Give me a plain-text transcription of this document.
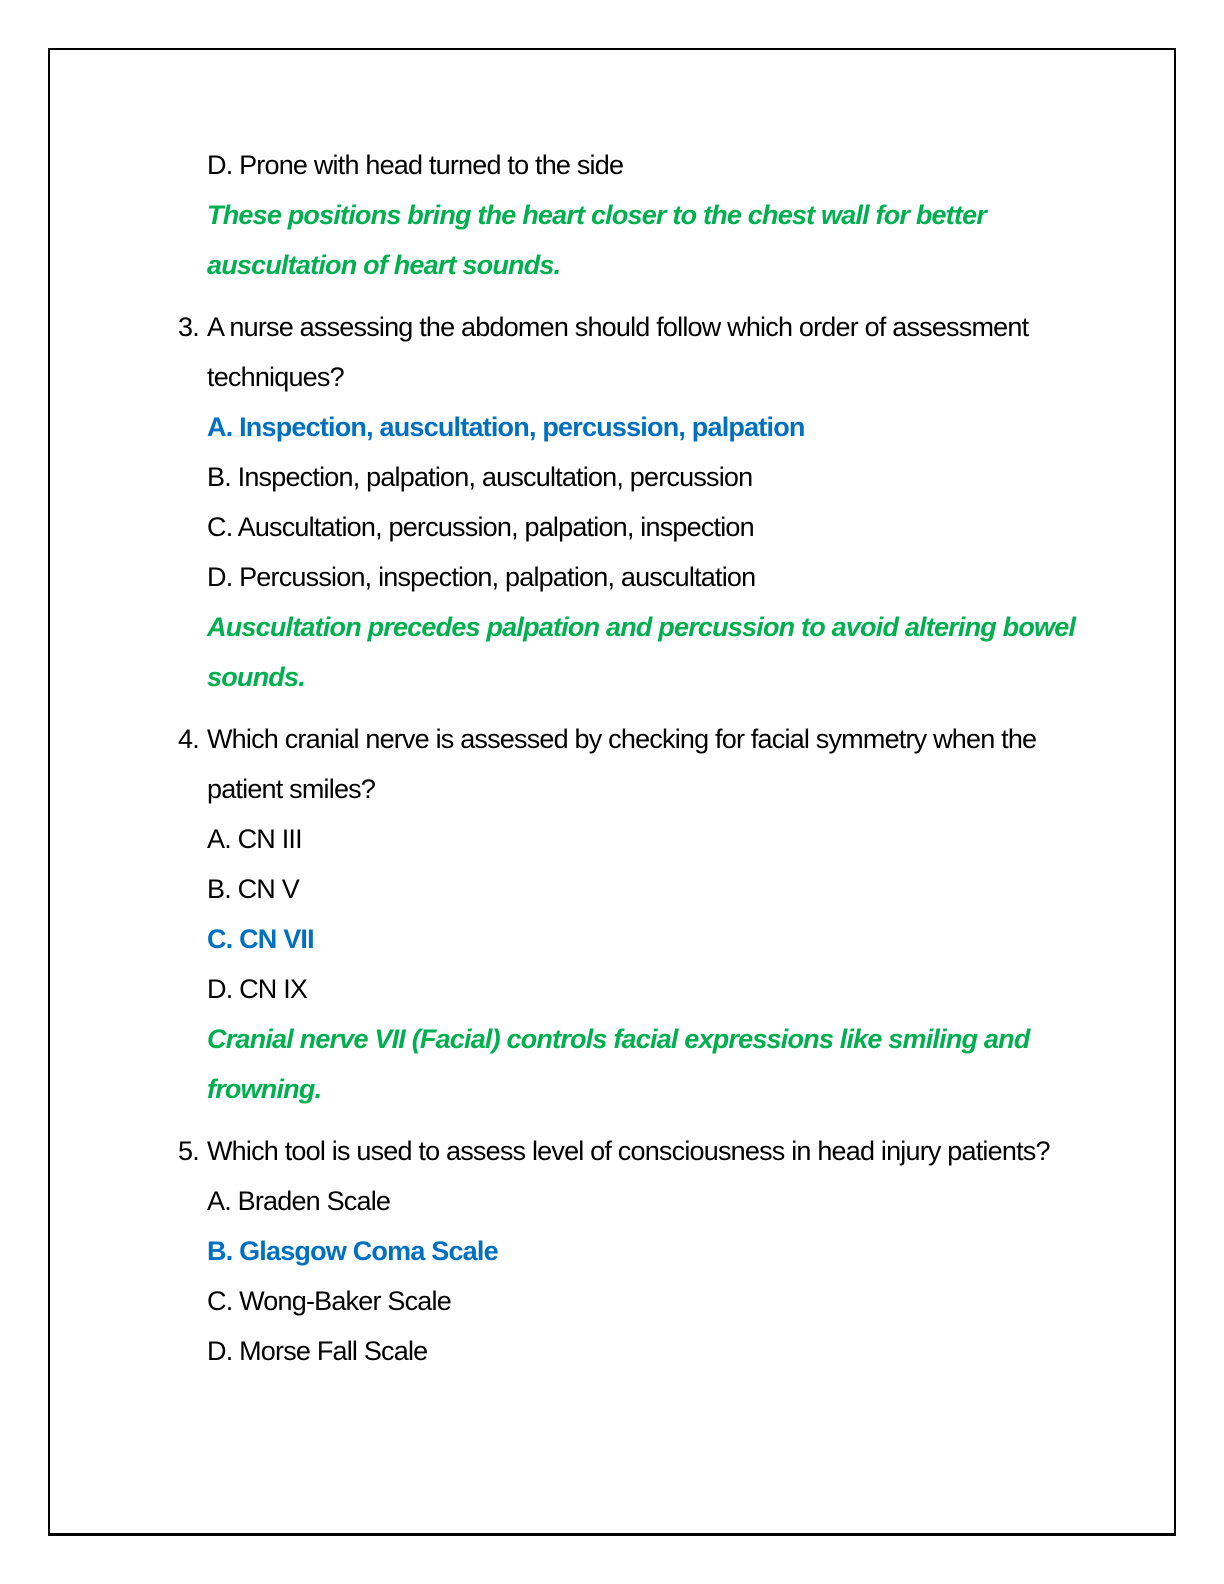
D. Prone with head turned to the side
These positions bring the heart closer to the chest wall for better
auscultation of heart sounds.
3. A nurse assessing the abdomen should follow which order of assessment
techniques?
A. Inspection, auscultation, percussion, palpation
B. Inspection, palpation, auscultation, percussion
C. Auscultation, percussion, palpation, inspection
D. Percussion, inspection, palpation, auscultation
Auscultation precedes palpation and percussion to avoid altering bowel
sounds.
4. Which cranial nerve is assessed by checking for facial symmetry when the
patient smiles?
A. CN III
B. CN V
C. CN VII
D. CN IX
Cranial nerve VII (Facial) controls facial expressions like smiling and
frowning.
5. Which tool is used to assess level of consciousness in head injury patients?
A. Braden Scale
B. Glasgow Coma Scale
C. Wong-Baker Scale
D. Morse Fall Scale
